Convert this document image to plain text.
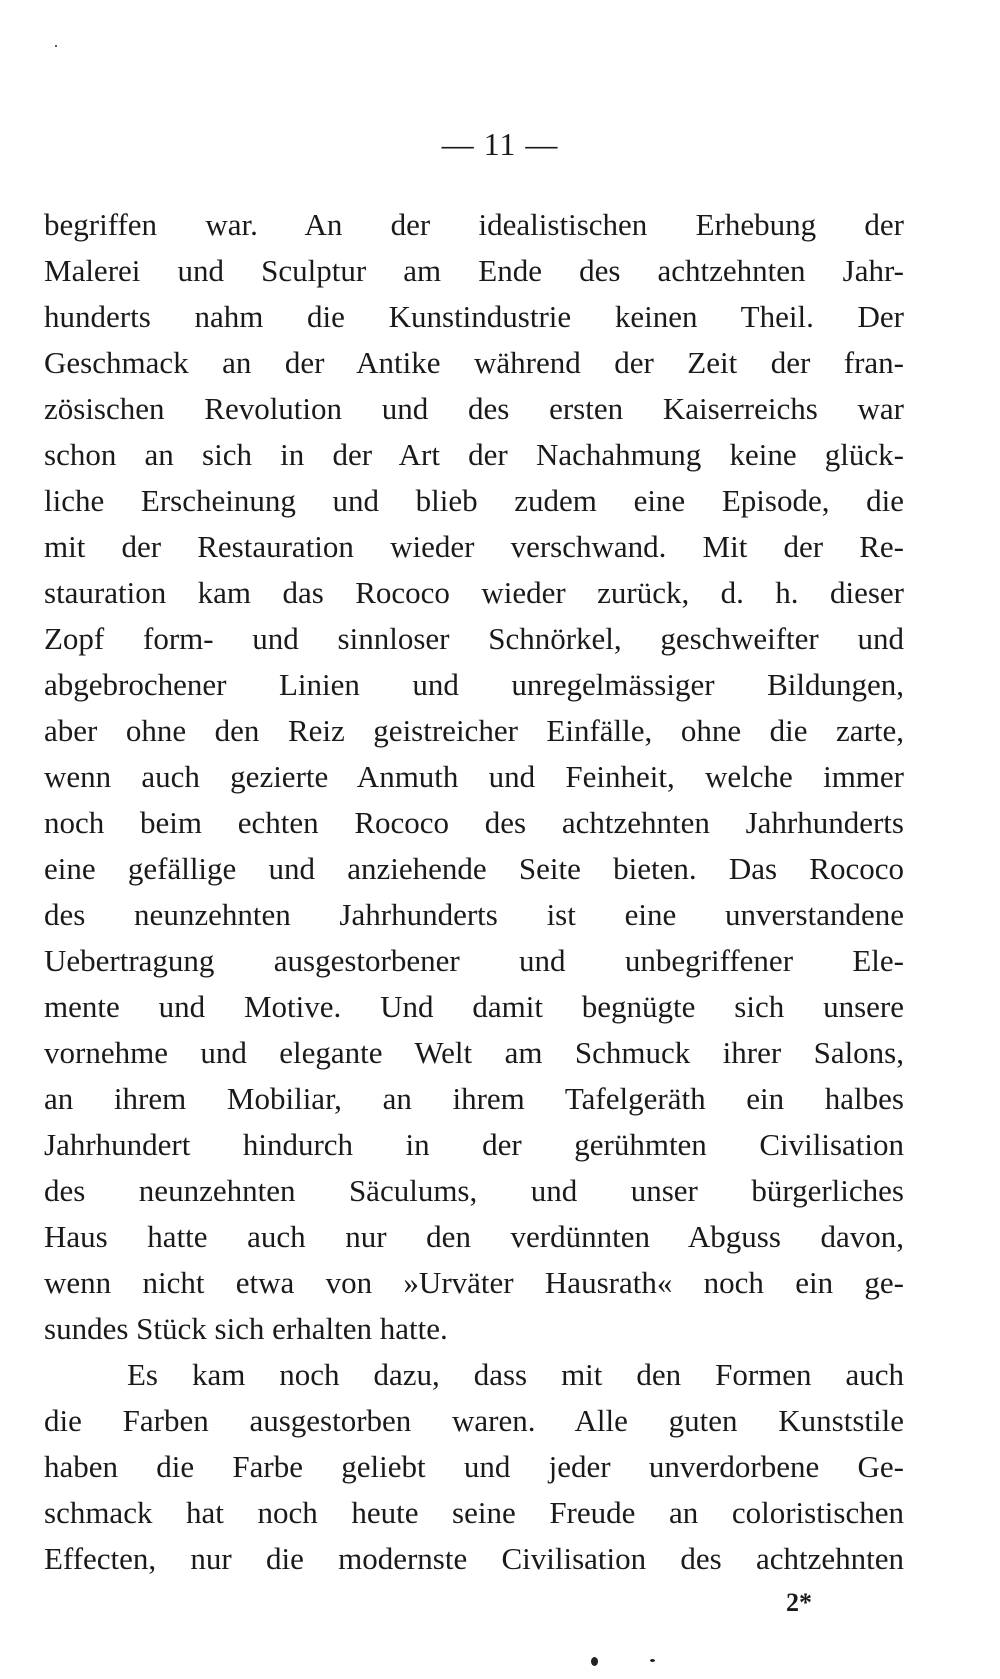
— 11 —
begriffen war. An der idealistischen Erhebung der
Malerei und Sculptur am Ende des achtzehnten Jahr-
hunderts nahm die Kunstindustrie keinen Theil. Der
Geschmack an der Antike während der Zeit der fran-
zösischen Revolution und des ersten Kaiserreichs war
schon an sich in der Art der Nachahmung keine glück-
liche Erscheinung und blieb zudem eine Episode, die
mit der Restauration wieder verschwand. Mit der Re-
stauration kam das Rococo wieder zurück, d. h. dieser
Zopf form- und sinnloser Schnörkel, geschweifter und
abgebrochener Linien und unregelmässiger Bildungen,
aber ohne den Reiz geistreicher Einfälle, ohne die zarte,
wenn auch gezierte Anmuth und Feinheit, welche immer
noch beim echten Rococo des achtzehnten Jahrhunderts
eine gefällige und anziehende Seite bieten. Das Rococo
des neunzehnten Jahrhunderts ist eine unverstandene
Uebertragung ausgestorbener und unbegriffener Ele-
mente und Motive. Und damit begnügte sich unsere
vornehme und elegante Welt am Schmuck ihrer Salons,
an ihrem Mobiliar, an ihrem Tafelgeräth ein halbes
Jahrhundert hindurch in der gerühmten Civilisation
des neunzehnten Säculums, und unser bürgerliches
Haus hatte auch nur den verdünnten Abguss davon,
wenn nicht etwa von »Urväter Hausrath« noch ein ge-
sundes Stück sich erhalten hatte.
Es kam noch dazu, dass mit den Formen auch
die Farben ausgestorben waren. Alle guten Kunststile
haben die Farbe geliebt und jeder unverdorbene Ge-
schmack hat noch heute seine Freude an coloristischen
Effecten, nur die modernste Civilisation des achtzehnten
2*
